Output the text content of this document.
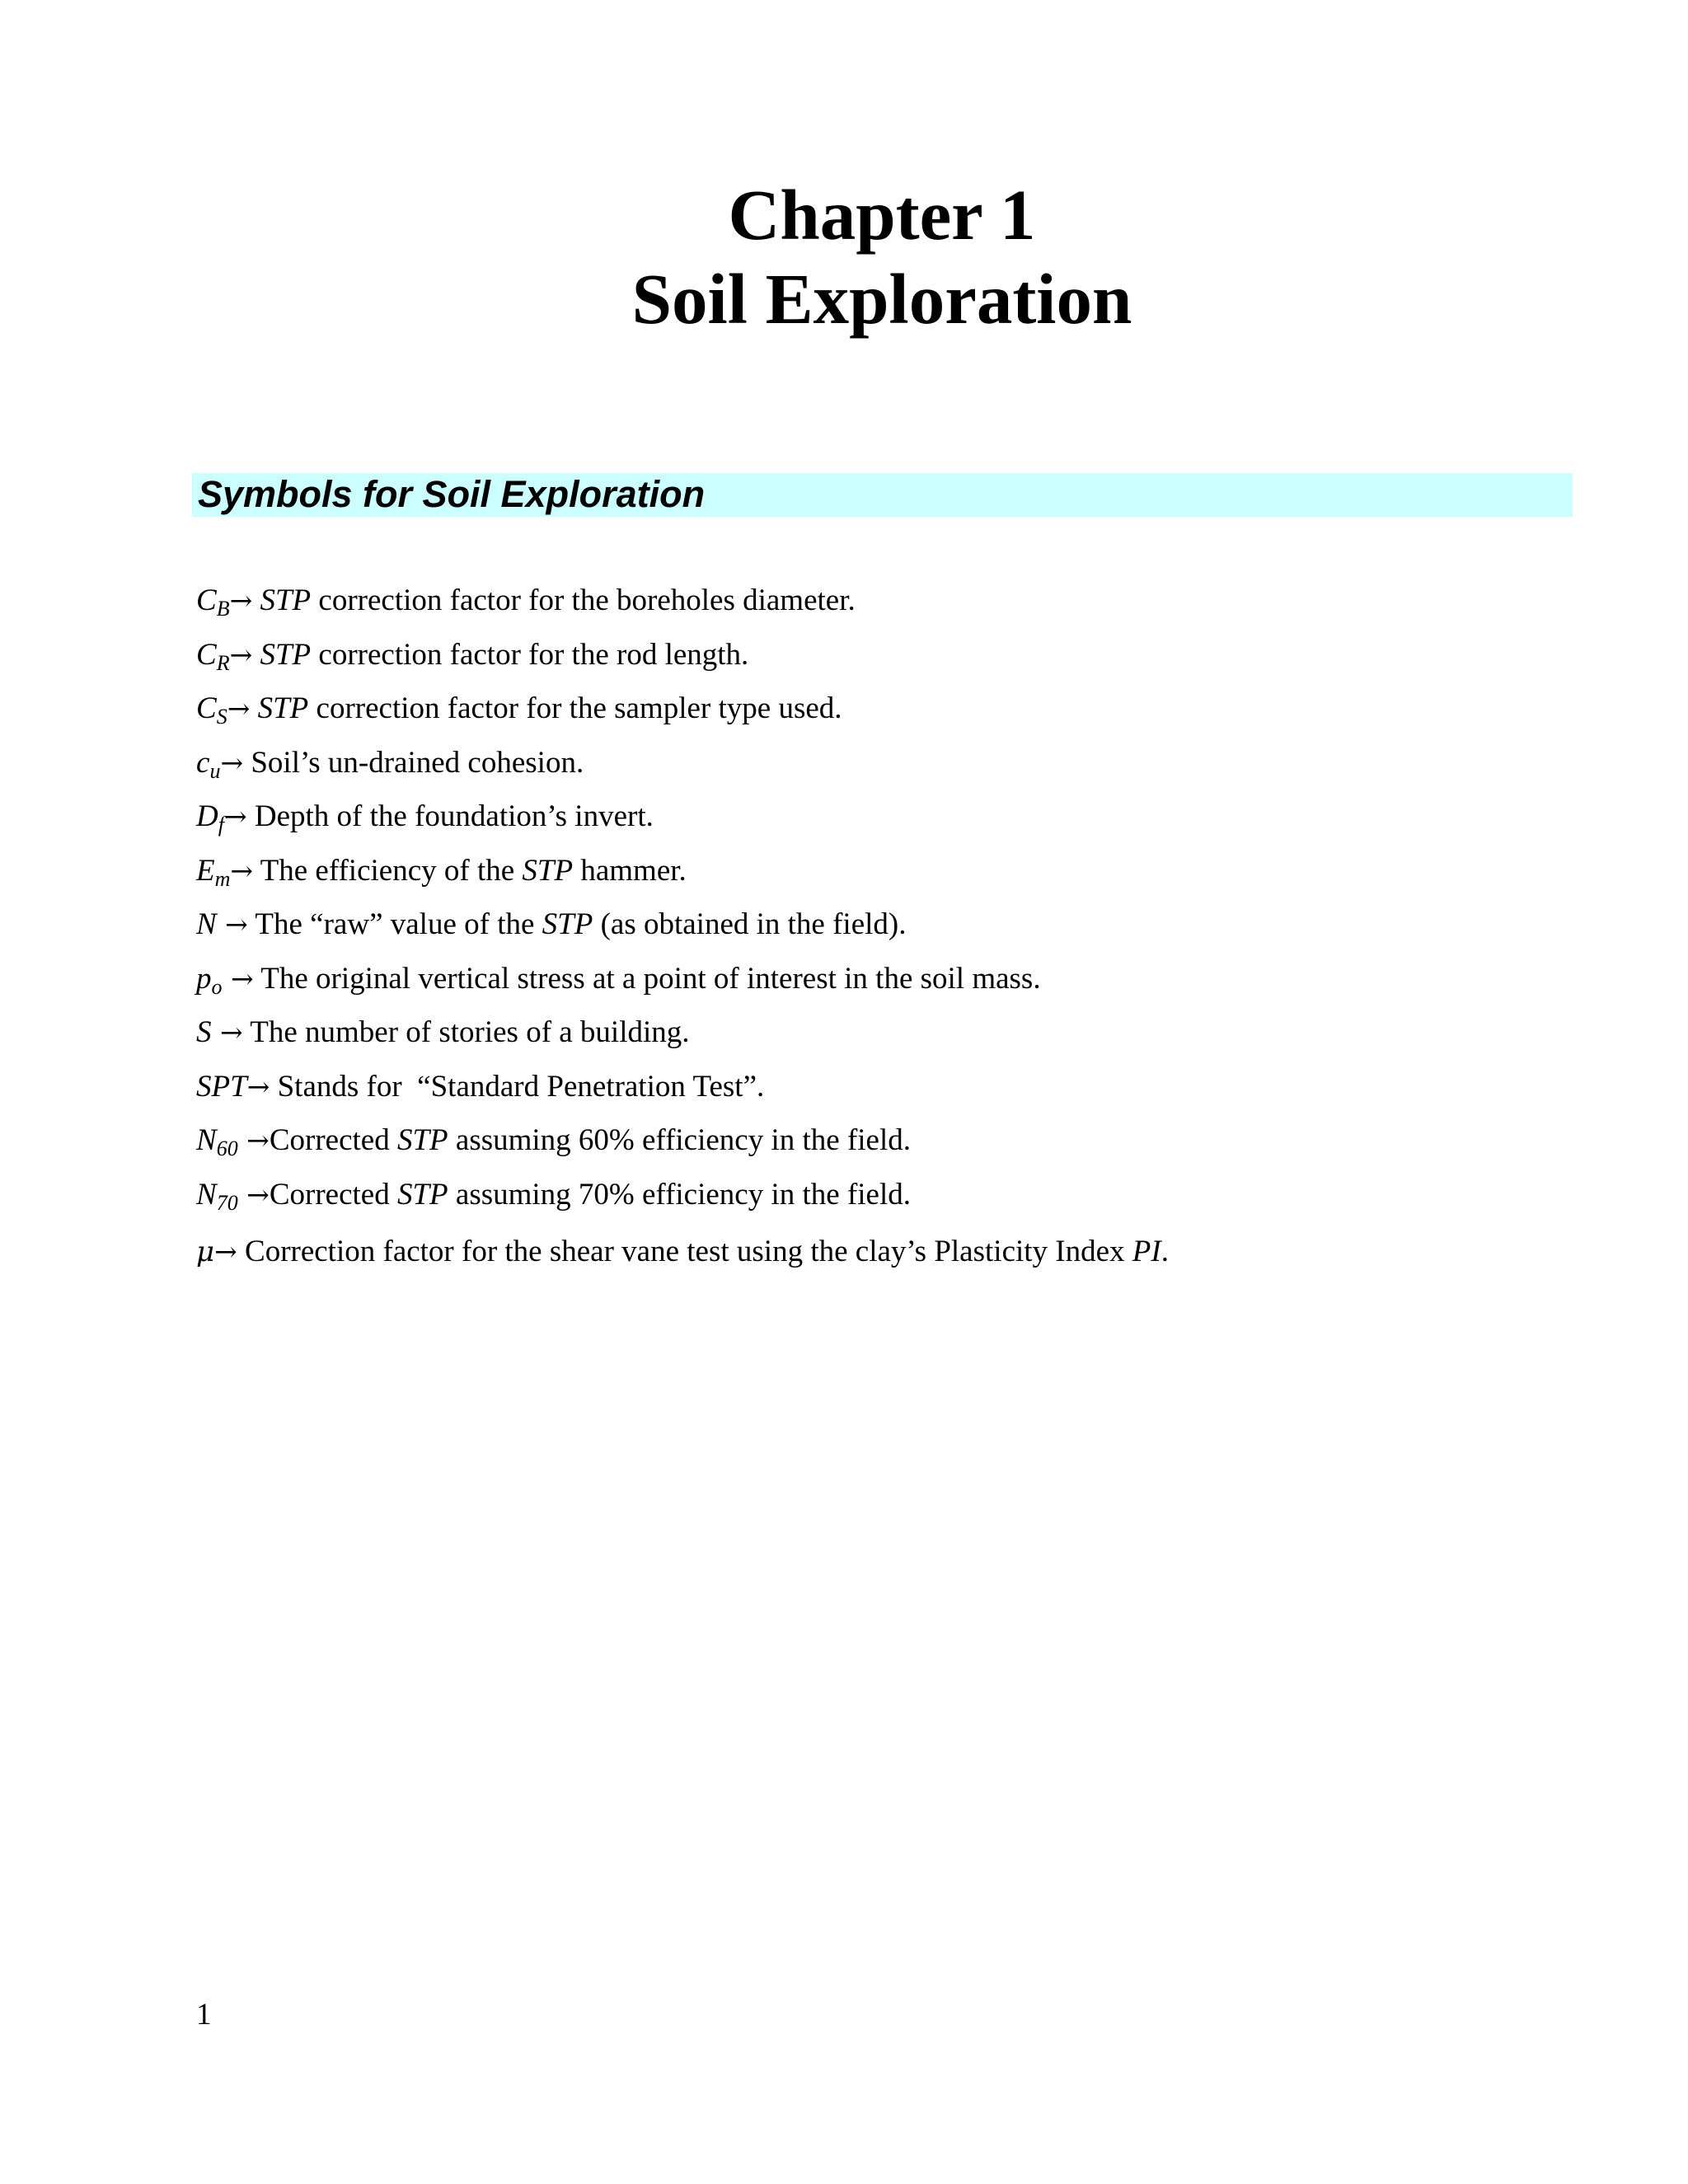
Chapter 1
Soil Exploration
Symbols for Soil Exploration
$C_B\to$ STP correction factor for the boreholes diameter.
$C_R\to$ STP correction factor for the rod length.
$C_S\to$ STP correction factor for the sampler type used.
$c_u\to$ Soil’s un-drained cohesion.
$D_f\to$ Depth of the foundation’s invert.
$E_m\to$ The efficiency of the STP hammer.
N → The “raw” value of the STP (as obtained in the field).
$p_o$ → The original vertical stress at a point of interest in the soil mass.
S → The number of stories of a building.
SPT→ Stands for  “Standard Penetration Test”.
$N_{60}$ →Corrected STP assuming 60% efficiency in the field.
$N_{70}$ →Corrected STP assuming 70% efficiency in the field.
μ→ Correction factor for the shear vane test using the clay’s Plasticity Index PI.
1
